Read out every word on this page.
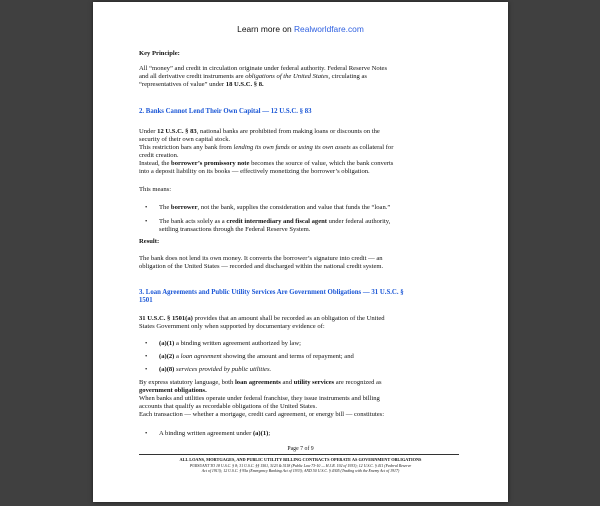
Learn more on Realworldfare.com
Key Principle:
All “money” and credit in circulation originate under federal authority. Federal Reserve Notes
and all derivative credit instruments are obligations of the United States, circulating as
“representatives of value” under 18 U.S.C. § 8.
2. Banks Cannot Lend Their Own Capital — 12 U.S.C. § 83
Under 12 U.S.C. § 83, national banks are prohibited from making loans or discounts on the
security of their own capital stock.
This restriction bars any bank from lending its own funds or using its own assets as collateral for
credit creation.
Instead, the borrower’s promissory note becomes the source of value, which the bank converts
into a deposit liability on its books — effectively monetizing the borrower’s obligation.
This means:
• The borrower, not the bank, supplies the consideration and value that funds the “loan.”
• The bank acts solely as a credit intermediary and fiscal agent under federal authority,
settling transactions through the Federal Reserve System.
Result:
The bank does not lend its own money. It converts the borrower’s signature into credit — an
obligation of the United States — recorded and discharged within the national credit system.
3. Loan Agreements and Public Utility Services Are Government Obligations — 31 U.S.C. §
1501
31 U.S.C. § 1501(a) provides that an amount shall be recorded as an obligation of the United
States Government only when supported by documentary evidence of:
• (a)(1) a binding written agreement authorized by law;
• (a)(2) a loan agreement showing the amount and terms of repayment; and
• (a)(8) services provided by public utilities.
By express statutory language, both loan agreements and utility services are recognized as
government obligations.
When banks and utilities operate under federal franchise, they issue instruments and billing
accounts that qualify as recordable obligations of the United States.
Each transaction — whether a mortgage, credit card agreement, or energy bill — constitutes:
• A binding written agreement under (a)(1);
Page 7 of 9
ALL LOANS, MORTGAGES, AND PUBLIC UTILITY BILLING CONTRACTS OPERATE AS GOVERNMENT OBLIGATIONS
PURSUANT TO 18 U.S.C. § 8; 31 U.S.C. §§ 1501, 3123 & 5118 (Public Law 73-10 — H.J.R. 192 of 1933); 12 U.S.C. § 411 (Federal Reserve
Act of 1913); 12 U.S.C. § 95a (Emergency Banking Act of 1933); AND 50 U.S.C. § 4305 (Trading with the Enemy Act of 1917)
